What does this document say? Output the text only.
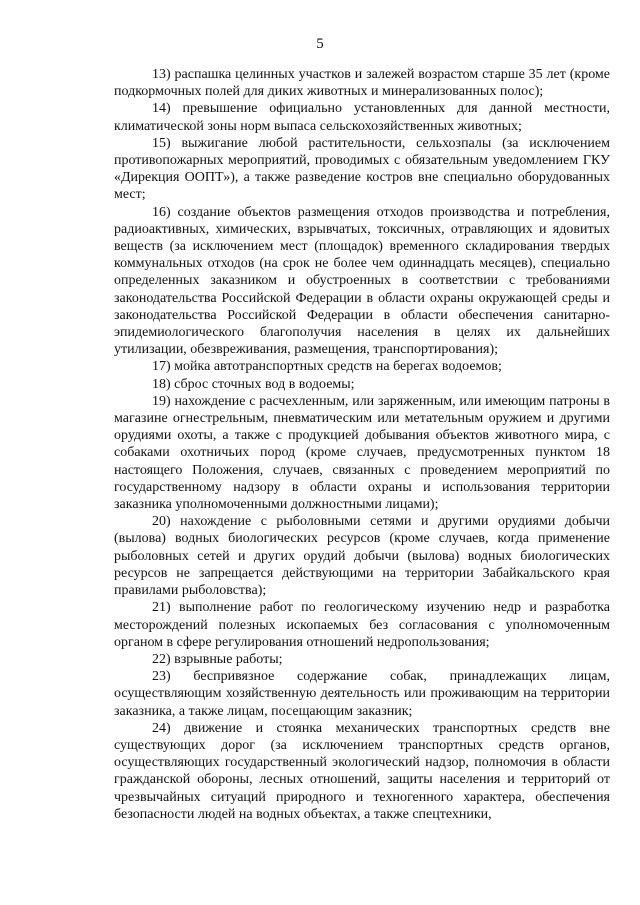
5

13) распашка целинных участков и залежей возрастом старше 35 лет (кроме подкормочных полей для диких животных и минерализованных полос);

14) превышение официально установленных для данной местности, климатической зоны норм выпаса сельскохозяйственных животных;

15) выжигание любой растительности, сельхозпалы (за исключением противопожарных мероприятий, проводимых с обязательным уведомлением ГКУ «Дирекция ООПТ»), а также разведение костров вне специально оборудованных мест;

16) создание объектов размещения отходов производства и потребления, радиоактивных, химических, взрывчатых, токсичных, отравляющих и ядовитых веществ (за исключением мест (площадок) временного складирования твердых коммунальных отходов (на срок не более чем одиннадцать месяцев), специально определенных заказником и обустроенных в соответствии с требованиями законодательства Российской Федерации в области охраны окружающей среды и законодательства Российской Федерации в области обеспечения санитарно-эпидемиологического благополучия населения в целях их дальнейших утилизации, обезвреживания, размещения, транспортирования);

17) мойка автотранспортных средств на берегах водоемов;

18) сброс сточных вод в водоемы;

19) нахождение с расчехленным, или заряженным, или имеющим патроны в магазине огнестрельным, пневматическим или метательным оружием и другими орудиями охоты, а также с продукцией добывания объектов животного мира, с собаками охотничьих пород (кроме случаев, предусмотренных пунктом 18 настоящего Положения, случаев, связанных с проведением мероприятий по государственному надзору в области охраны и использования территории заказника уполномоченными должностными лицами);

20) нахождение с рыболовными сетями и другими орудиями добычи (вылова) водных биологических ресурсов (кроме случаев, когда применение рыболовных сетей и других орудий добычи (вылова) водных биологических ресурсов не запрещается действующими на территории Забайкальского края правилами рыболовства);

21) выполнение работ по геологическому изучению недр и разработка месторождений полезных ископаемых без согласования с уполномоченным органом в сфере регулирования отношений недропользования;

22) взрывные работы;

23) беспривязное содержание собак, принадлежащих лицам, осуществляющим хозяйственную деятельность или проживающим на территории заказника, а также лицам, посещающим заказник;

24) движение и стоянка механических транспортных средств вне существующих дорог (за исключением транспортных средств органов, осуществляющих государственный экологический надзор, полномочия в области гражданской обороны, лесных отношений, защиты населения и территорий от чрезвычайных ситуаций природного и техногенного характера, обеспечения безопасности людей на водных объектах, а также спецтехники,
